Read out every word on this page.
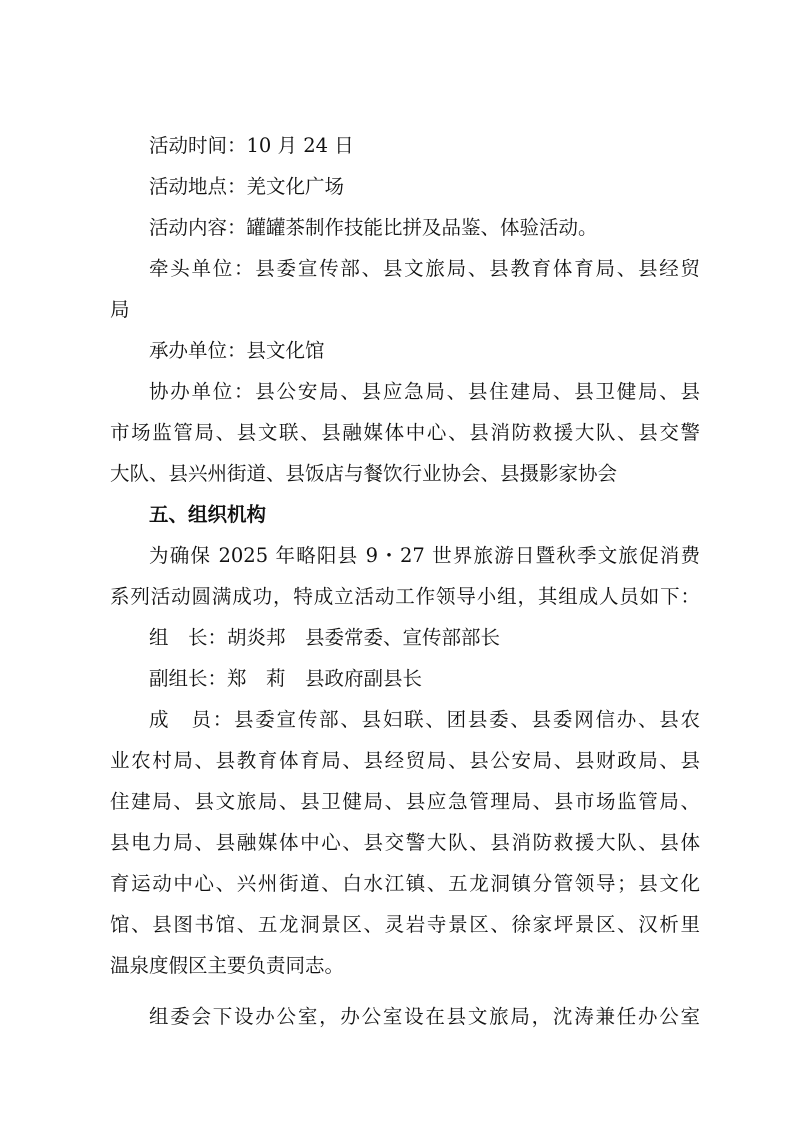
活动时间：10 月 24 日
活动地点：羌文化广场
活动内容：罐罐茶制作技能比拼及品鉴、体验活动。
牵头单位：县委宣传部、县文旅局、县教育体育局、县经贸
局
承办单位：县文化馆
协办单位：县公安局、县应急局、县住建局、县卫健局、县
市场监管局、县文联、县融媒体中心、县消防救援大队、县交警
大队、县兴州街道、县饭店与餐饮行业协会、县摄影家协会
五、组织机构
为确保 2025 年略阳县 9・27 世界旅游日暨秋季文旅促消费
系列活动圆满成功，特成立活动工作领导小组，其组成人员如下：
组　长：胡炎邦　县委常委、宣传部部长
副组长：郑　莉　县政府副县长
成　员：县委宣传部、县妇联、团县委、县委网信办、县农
业农村局、县教育体育局、县经贸局、县公安局、县财政局、县
住建局、县文旅局、县卫健局、县应急管理局、县市场监管局、
县电力局、县融媒体中心、县交警大队、县消防救援大队、县体
育运动中心、兴州街道、白水江镇、五龙洞镇分管领导；县文化
馆、县图书馆、五龙洞景区、灵岩寺景区、徐家坪景区、汉析里
温泉度假区主要负责同志。
组委会下设办公室，办公室设在县文旅局，沈涛兼任办公室
